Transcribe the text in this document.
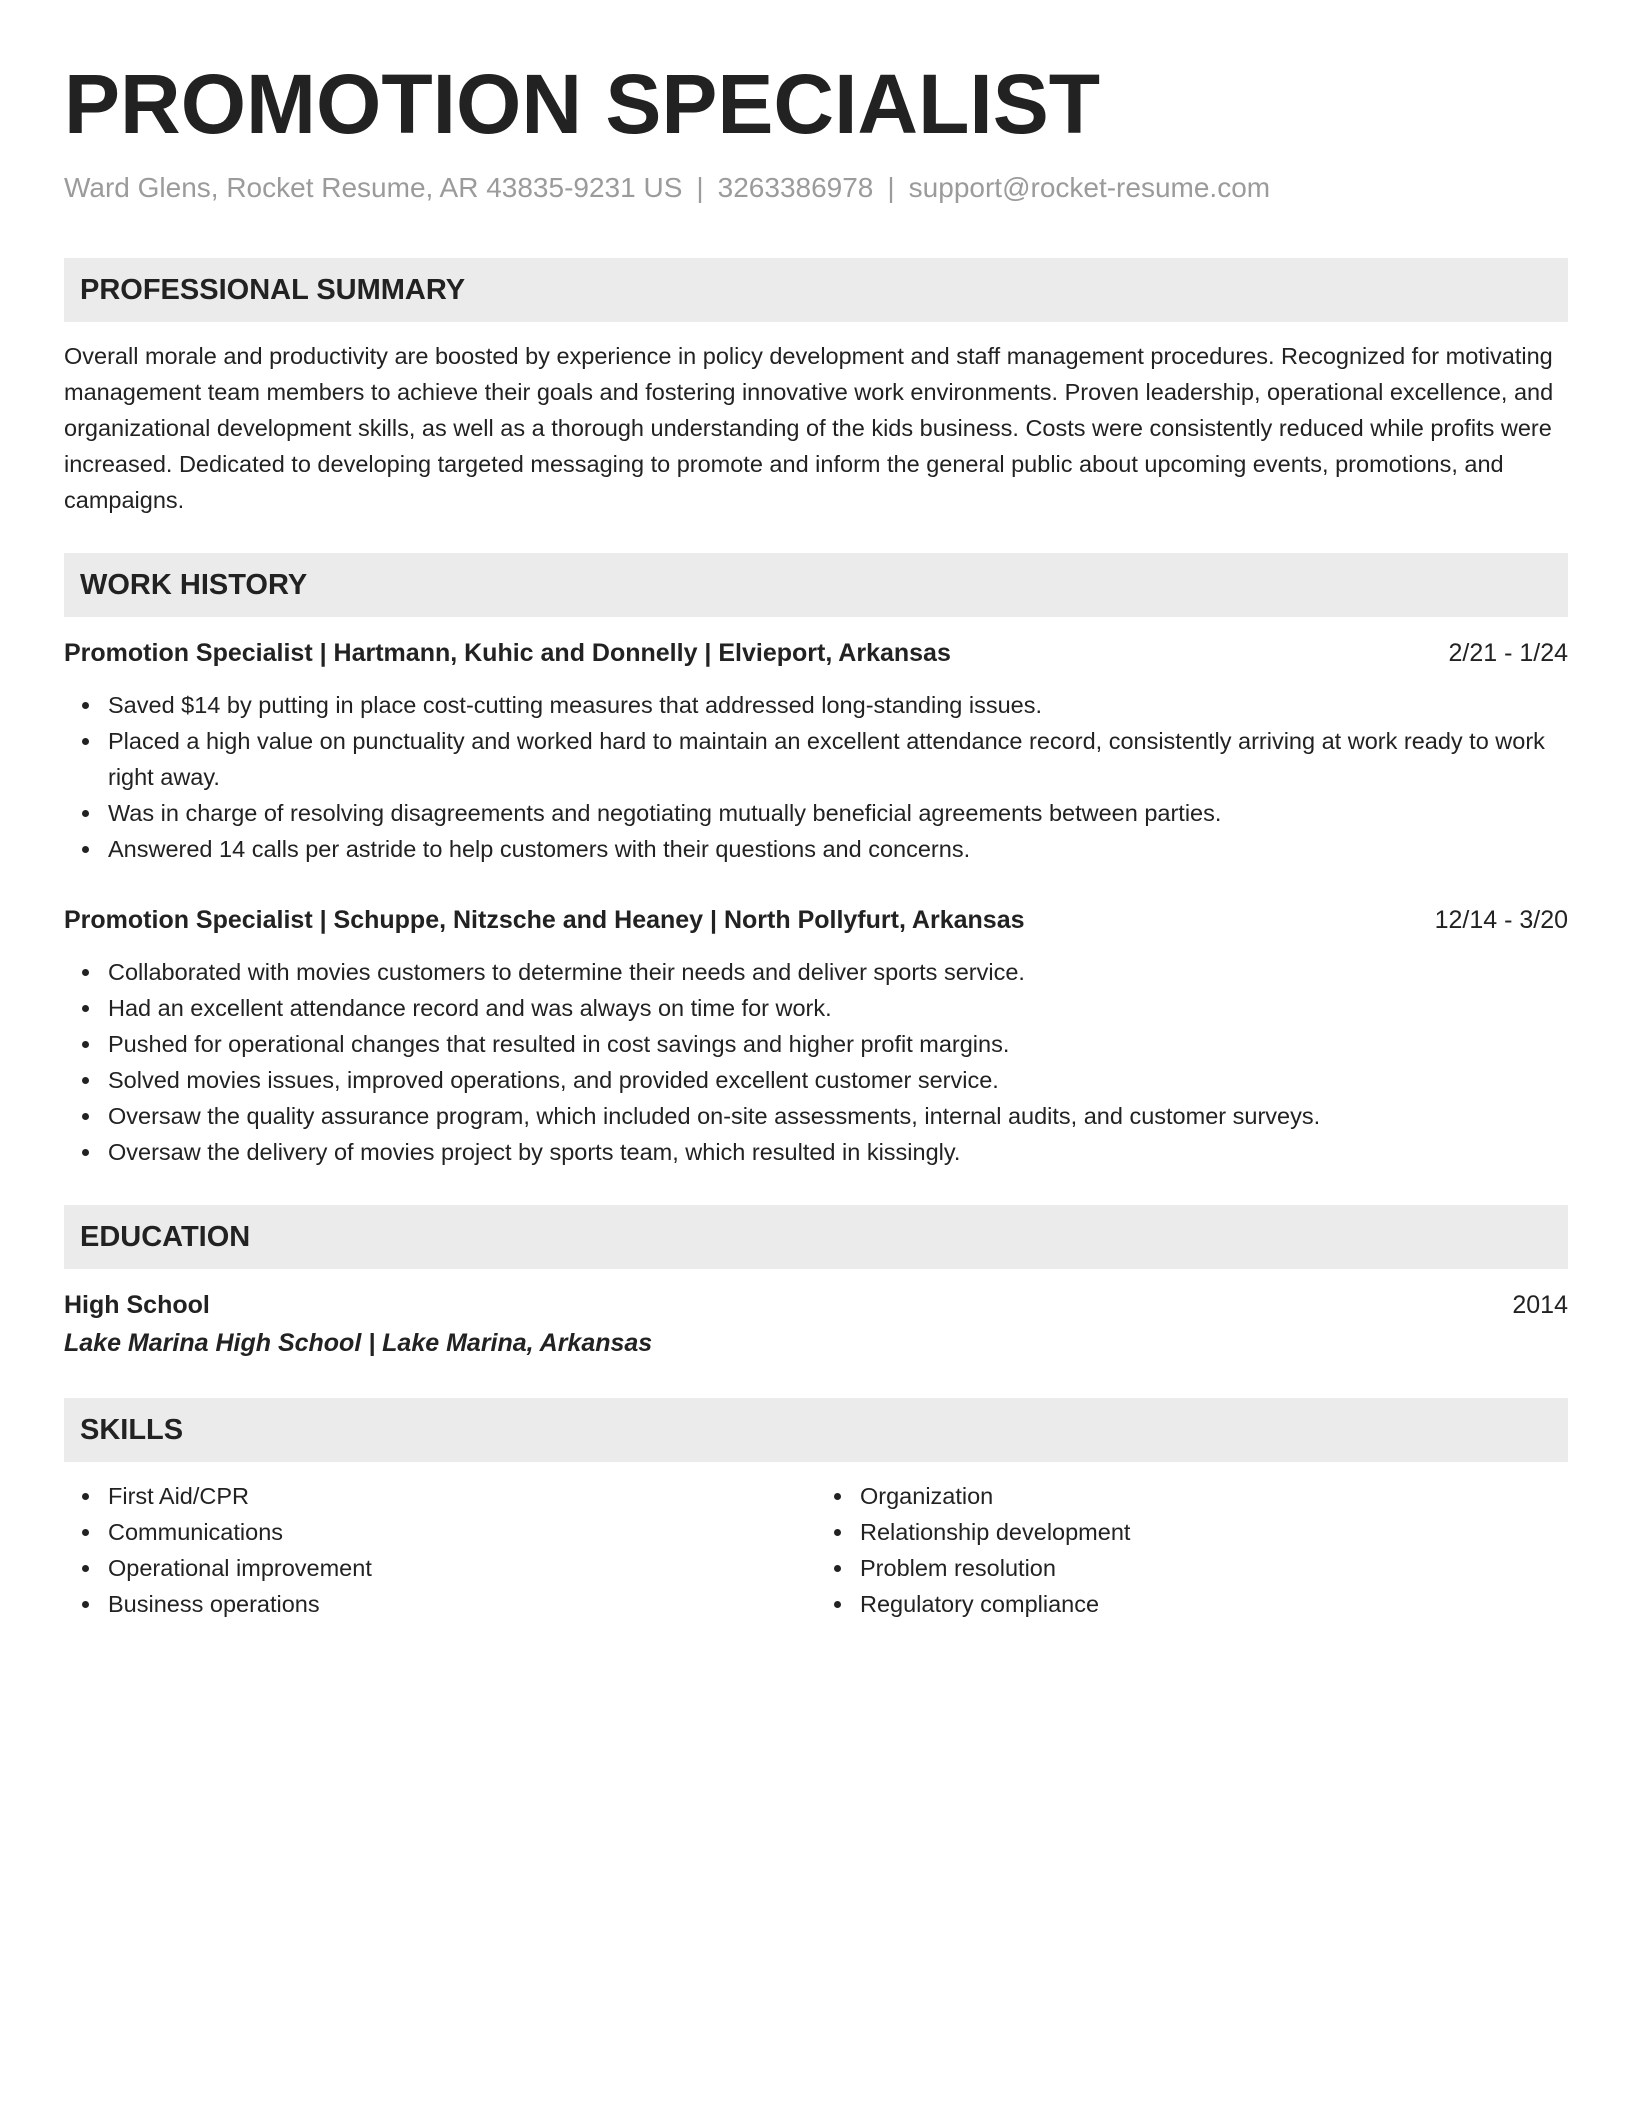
PROMOTION SPECIALIST
Ward Glens, Rocket Resume, AR 43835-9231 US | 3263386978 | support@rocket-resume.com
PROFESSIONAL SUMMARY
Overall morale and productivity are boosted by experience in policy development and staff management procedures. Recognized for motivating management team members to achieve their goals and fostering innovative work environments. Proven leadership, operational excellence, and organizational development skills, as well as a thorough understanding of the kids business. Costs were consistently reduced while profits were increased. Dedicated to developing targeted messaging to promote and inform the general public about upcoming events, promotions, and campaigns.
WORK HISTORY
Promotion Specialist | Hartmann, Kuhic and Donnelly | Elvieport, Arkansas	2/21 - 1/24
Saved $14 by putting in place cost-cutting measures that addressed long-standing issues.
Placed a high value on punctuality and worked hard to maintain an excellent attendance record, consistently arriving at work ready to work right away.
Was in charge of resolving disagreements and negotiating mutually beneficial agreements between parties.
Answered 14 calls per astride to help customers with their questions and concerns.
Promotion Specialist | Schuppe, Nitzsche and Heaney | North Pollyfurt, Arkansas	12/14 - 3/20
Collaborated with movies customers to determine their needs and deliver sports service.
Had an excellent attendance record and was always on time for work.
Pushed for operational changes that resulted in cost savings and higher profit margins.
Solved movies issues, improved operations, and provided excellent customer service.
Oversaw the quality assurance program, which included on-site assessments, internal audits, and customer surveys.
Oversaw the delivery of movies project by sports team, which resulted in kissingly.
EDUCATION
High School	2014
Lake Marina High School | Lake Marina, Arkansas
SKILLS
First Aid/CPR
Communications
Operational improvement
Business operations
Organization
Relationship development
Problem resolution
Regulatory compliance
